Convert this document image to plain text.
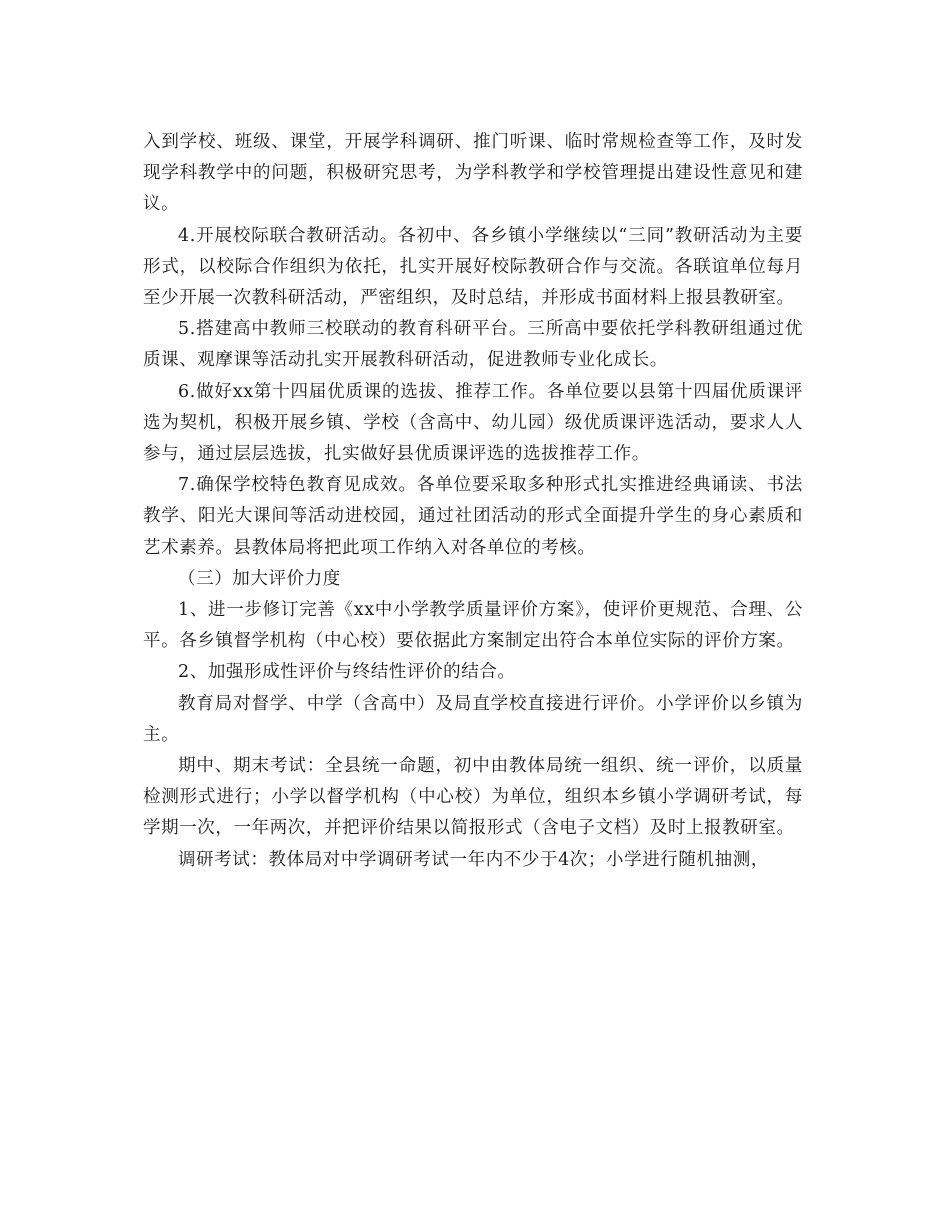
入到学校、班级、课堂，开展学科调研、推门听课、临时常规检查等工作，及时发现学科教学中的问题，积极研究思考，为学科教学和学校管理提出建设性意见和建议。

4.开展校际联合教研活动。各初中、各乡镇小学继续以“三同”教研活动为主要形式，以校际合作组织为依托，扎实开展好校际教研合作与交流。各联谊单位每月至少开展一次教科研活动，严密组织，及时总结，并形成书面材料上报县教研室。

5.搭建高中教师三校联动的教育科研平台。三所高中要依托学科教研组通过优质课、观摩课等活动扎实开展教科研活动，促进教师专业化成长。

6.做好xx第十四届优质课的选拔、推荐工作。各单位要以县第十四届优质课评选为契机，积极开展乡镇、学校（含高中、幼儿园）级优质课评选活动，要求人人参与，通过层层选拔，扎实做好县优质课评选的选拔推荐工作。

7.确保学校特色教育见成效。各单位要采取多种形式扎实推进经典诵读、书法教学、阳光大课间等活动进校园，通过社团活动的形式全面提升学生的身心素质和艺术素养。县教体局将把此项工作纳入对各单位的考核。

（三）加大评价力度

1、进一步修订完善《xx中小学教学质量评价方案》，使评价更规范、合理、公平。各乡镇督学机构（中心校）要依据此方案制定出符合本单位实际的评价方案。

2、加强形成性评价与终结性评价的结合。

教育局对督学、中学（含高中）及局直学校直接进行评价。小学评价以乡镇为主。

期中、期末考试：全县统一命题，初中由教体局统一组织、统一评价，以质量检测形式进行；小学以督学机构（中心校）为单位，组织本乡镇小学调研考试，每学期一次，一年两次，并把评价结果以简报形式（含电子文档）及时上报教研室。

调研考试：教体局对中学调研考试一年内不少于4次；小学进行随机抽测，
